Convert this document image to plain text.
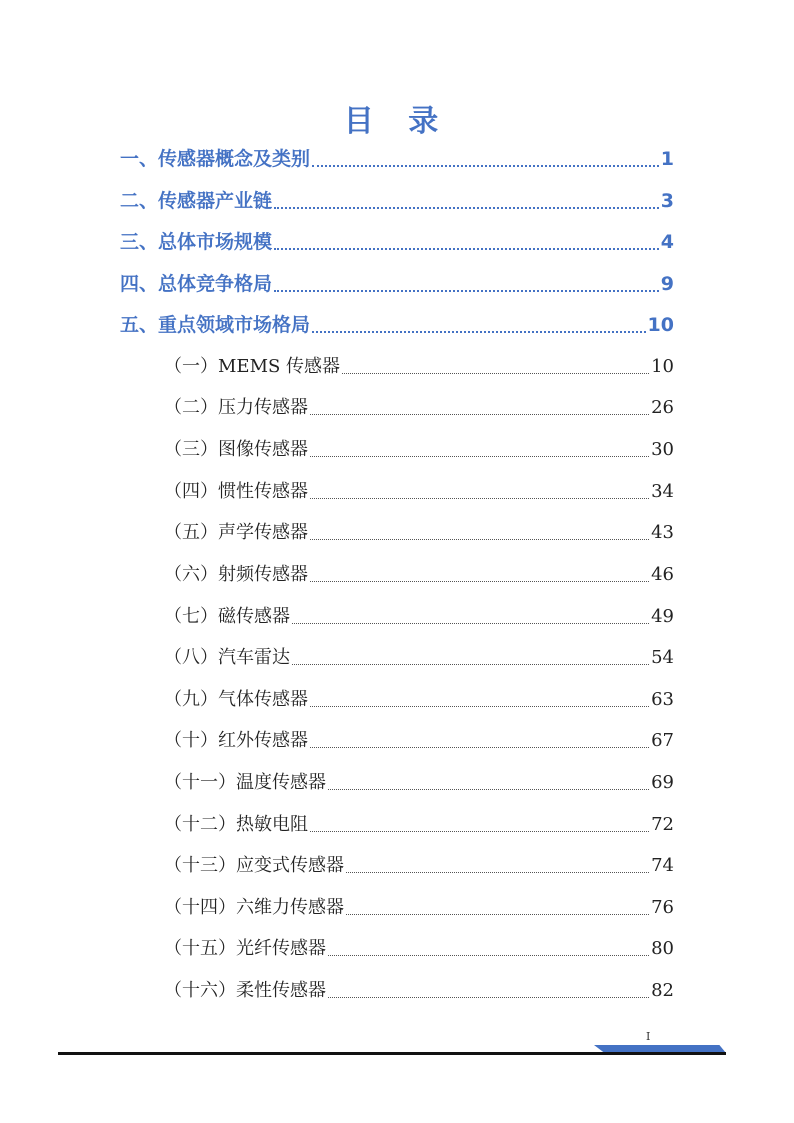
目 录
一、传感器概念及类别	1
二、传感器产业链	3
三、总体市场规模	4
四、总体竞争格局	9
五、重点领域市场格局	10
（一）MEMS 传感器	10
（二）压力传感器	26
（三）图像传感器	30
（四）惯性传感器	34
（五）声学传感器	43
（六）射频传感器	46
（七）磁传感器	49
（八）汽车雷达	54
（九）气体传感器	63
（十）红外传感器	67
（十一）温度传感器	69
（十二）热敏电阻	72
（十三）应变式传感器	74
（十四）六维力传感器	76
（十五）光纤传感器	80
（十六）柔性传感器	82
I
